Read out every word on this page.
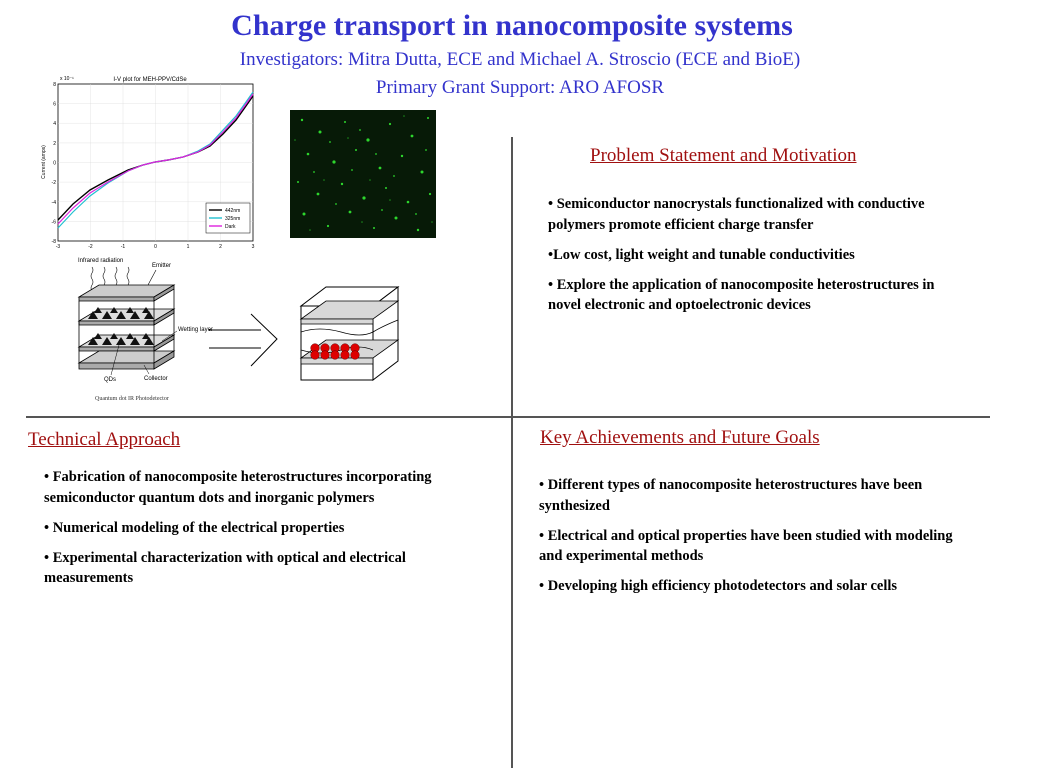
Charge transport in nanocomposite systems
Investigators: Mitra Dutta, ECE and Michael A. Stroscio (ECE and BioE)
Primary Grant Support: ARO AFOSR
I-V plot for MEH-PPV/CdSe
x 10⁻¹
8
6
4
2
0
-2
-4
-6
-8
-3	-2	-1	0	1	2	3
Current (amps)
442nm
325nm
Dark
Infrared radiation
Emitter
Wetting layer
QDs	Collector
Quantum dot IR Photodetector
Problem Statement and Motivation

• Semiconductor nanocrystals functionalized with conductive polymers promote efficient charge transfer

•Low cost, light weight and tunable conductivities

• Explore the application of nanocomposite heterostructures in novel electronic and optoelectronic devices

Technical Approach

• Fabrication of nanocomposite heterostructures incorporating semiconductor quantum dots and inorganic polymers

• Numerical modeling of the electrical properties

• Experimental characterization with optical and electrical measurements

Key Achievements and Future Goals

• Different types of nanocomposite heterostructures have been synthesized

• Electrical and optical properties have been studied with modeling and experimental methods

• Developing high efficiency photodetectors and solar cells
